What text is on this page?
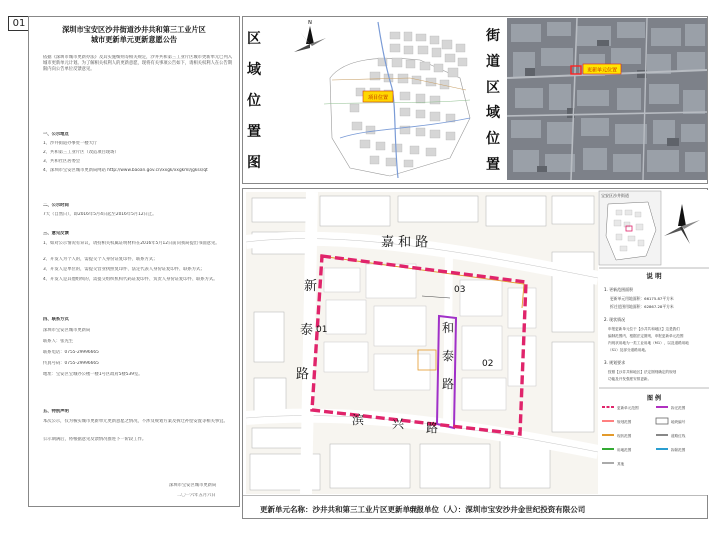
01
深圳市宝安区沙井街道沙井共和第三工业片区
城市更新单元更新意愿公告
依据《深圳市城市更新办法》及其实施细则等相关规定，沙井共和第三工业片区城市更新单元已列入城市更新单元计划。为了解相关权利人的更新意愿，现将有关事项公告如下，请相关权利人在公告期限内向公告单位反馈意见。
一、公示地点
1、沙井街道办事处一楼大厅
2、共和第三工业片区（改造项目现场）
3、共和社区居委会
4、深圳市宝安区城市更新局网站 http://www.baoan.gov.cn/xxgk/xxgkml/jgkss/qt
二、公示时间
7天（自然日），即2016年5月4日起至2016年5月12日止。
三、意见反馈
1、如对公示情况有异议，请持相关权属证明材料在2016年5月12日前向我局提出书面意见。
2、开发人为个人的，需提交个人身份证复印件、联系方式；
3、开发人是单位的，需提交营业执照复印件、法定代表人身份证复印件、联系方式；
4、开发人是其他组织的，需提交组织机构代码证复印件、负责人身份证复印件、联系方式。
四、联系方式
深圳市宝安区城市更新局
联系人：张先生
联系电话：0755-29996665
传真号码：0755-29996665
地址：宝安区宝城办公楼一楼1号区政府5楼539室。
五、特别声明
本次公示，仅为核实城市更新单元更新意愿之情况，不涉及规划方案及拆迁补偿安置等相关事宜。
公示期满后，将根据意见反馈情况推进下一阶段工作。
深圳市宝安区城市更新局
二〇一六年五月六日
区
域
位
置
图
街
道
区
域
位
置
项目位置
N
更新单元位置
嘉 和 路
01
02
03
新
泰
路
和
泰
路
滨 兴 路
宝安区沙井街道
说 明
1. 更新范围面积
更新单元用地面积：66175.87平方米
拆迁范围用地面积：62867.28平方米
2. 现状情况
申报更新单元位于【沙井共和地区】这是我们
编制范围内，根据法定图则，申报更新单元范围
内现状用地为一类工业用地（M1），以及道路用地
（S1）及部分道路用地。
3. 规划要求
按照【沙井共和地区】法定图则确定的规划
功能及开发强度安排更新。
图 例
更新单元范围	拆迁范围
规划范围	地块编号
现状范围	道路红线
用地范围	拆除范围
其他
更新单元名称：沙井共和第三工业片区更新单元
申报单位（人）：深圳市宝安沙井金世纪投资有限公司
